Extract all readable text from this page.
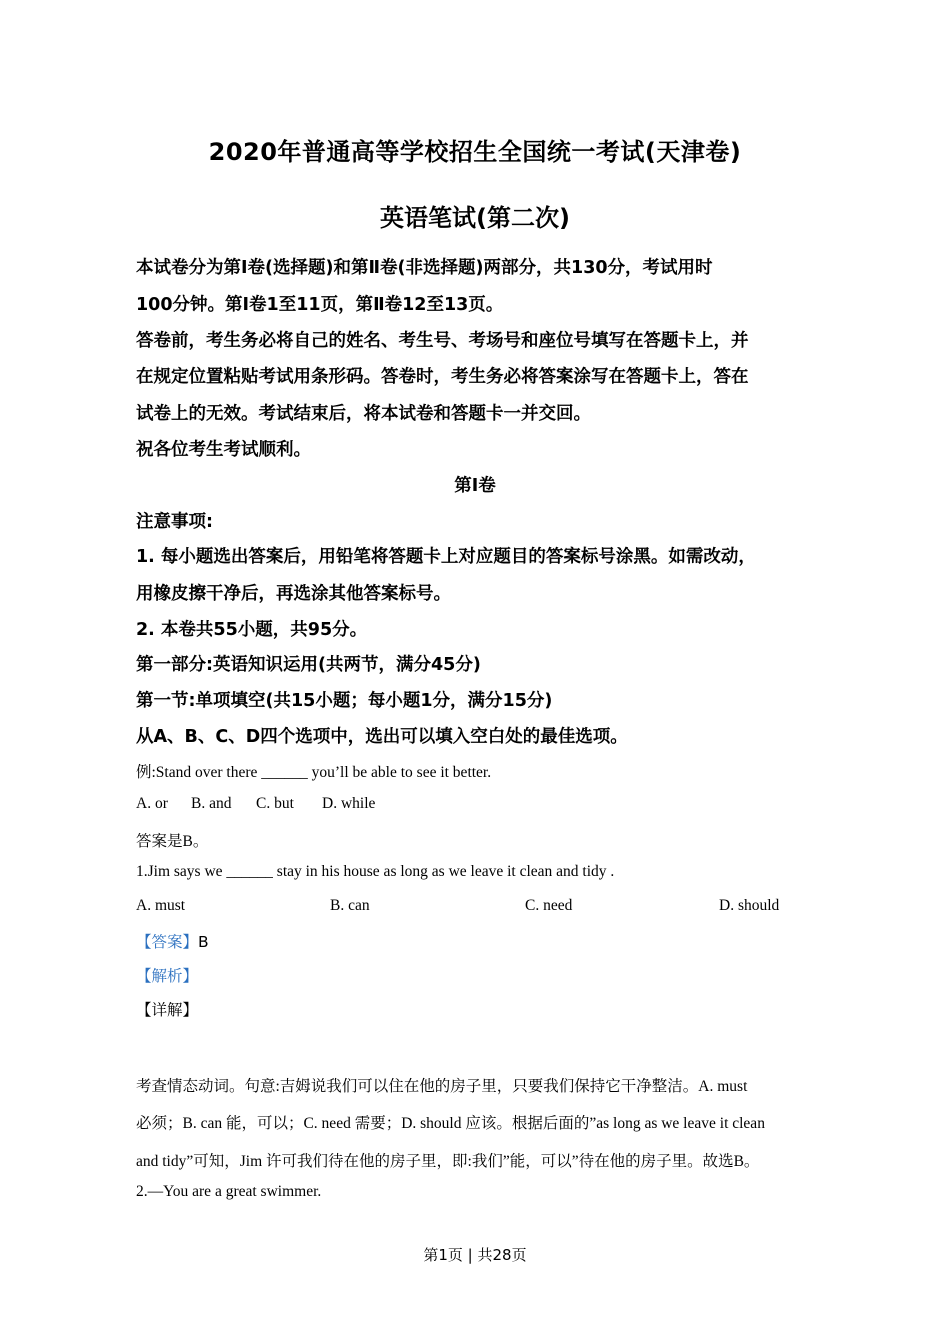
2020年普通高等学校招生全国统一考试(天津卷)
英语笔试(第二次)
本试卷分为第Ⅰ卷(选择题)和第Ⅱ卷(非选择题)两部分，共130分，考试用时
100分钟。第Ⅰ卷1至11页，第Ⅱ卷12至13页。
答卷前，考生务必将自己的姓名、考生号、考场号和座位号填写在答题卡上，并
在规定位置粘贴考试用条形码。答卷时，考生务必将答案涂写在答题卡上，答在
试卷上的无效。考试结束后，将本试卷和答题卡一并交回。
祝各位考生考试顺利。
第Ⅰ卷
注意事项:
1. 每小题选出答案后，用铅笔将答题卡上对应题目的答案标号涂黑。如需改动，
用橡皮擦干净后，再选涂其他答案标号。
2. 本卷共55小题，共95分。
第一部分:英语知识运用(共两节，满分45分)
第一节:单项填空(共15小题；每小题1分，满分15分)
从A、B、C、D四个选项中，选出可以填入空白处的最佳选项。
例:Stand over there ______ you’ll be able to see it better.
A. or B. and C. but D. while
答案是B。
1.Jim says we ______ stay in his house as long as we leave it clean and tidy .
A. must	B. can	C. need	D. should
【答案】B
【解析】
【详解】
考查情态动词。句意:吉姆说我们可以住在他的房子里，只要我们保持它干净整洁。A. must
必须；B. can 能，可以；C. need 需要；D. should 应该。根据后面的”as long as we leave it clean
and tidy”可知，Jim 许可我们待在他的房子里，即:我们”能，可以”待在他的房子里。故选B。
2.—You are a great swimmer.
第1页 | 共28页
